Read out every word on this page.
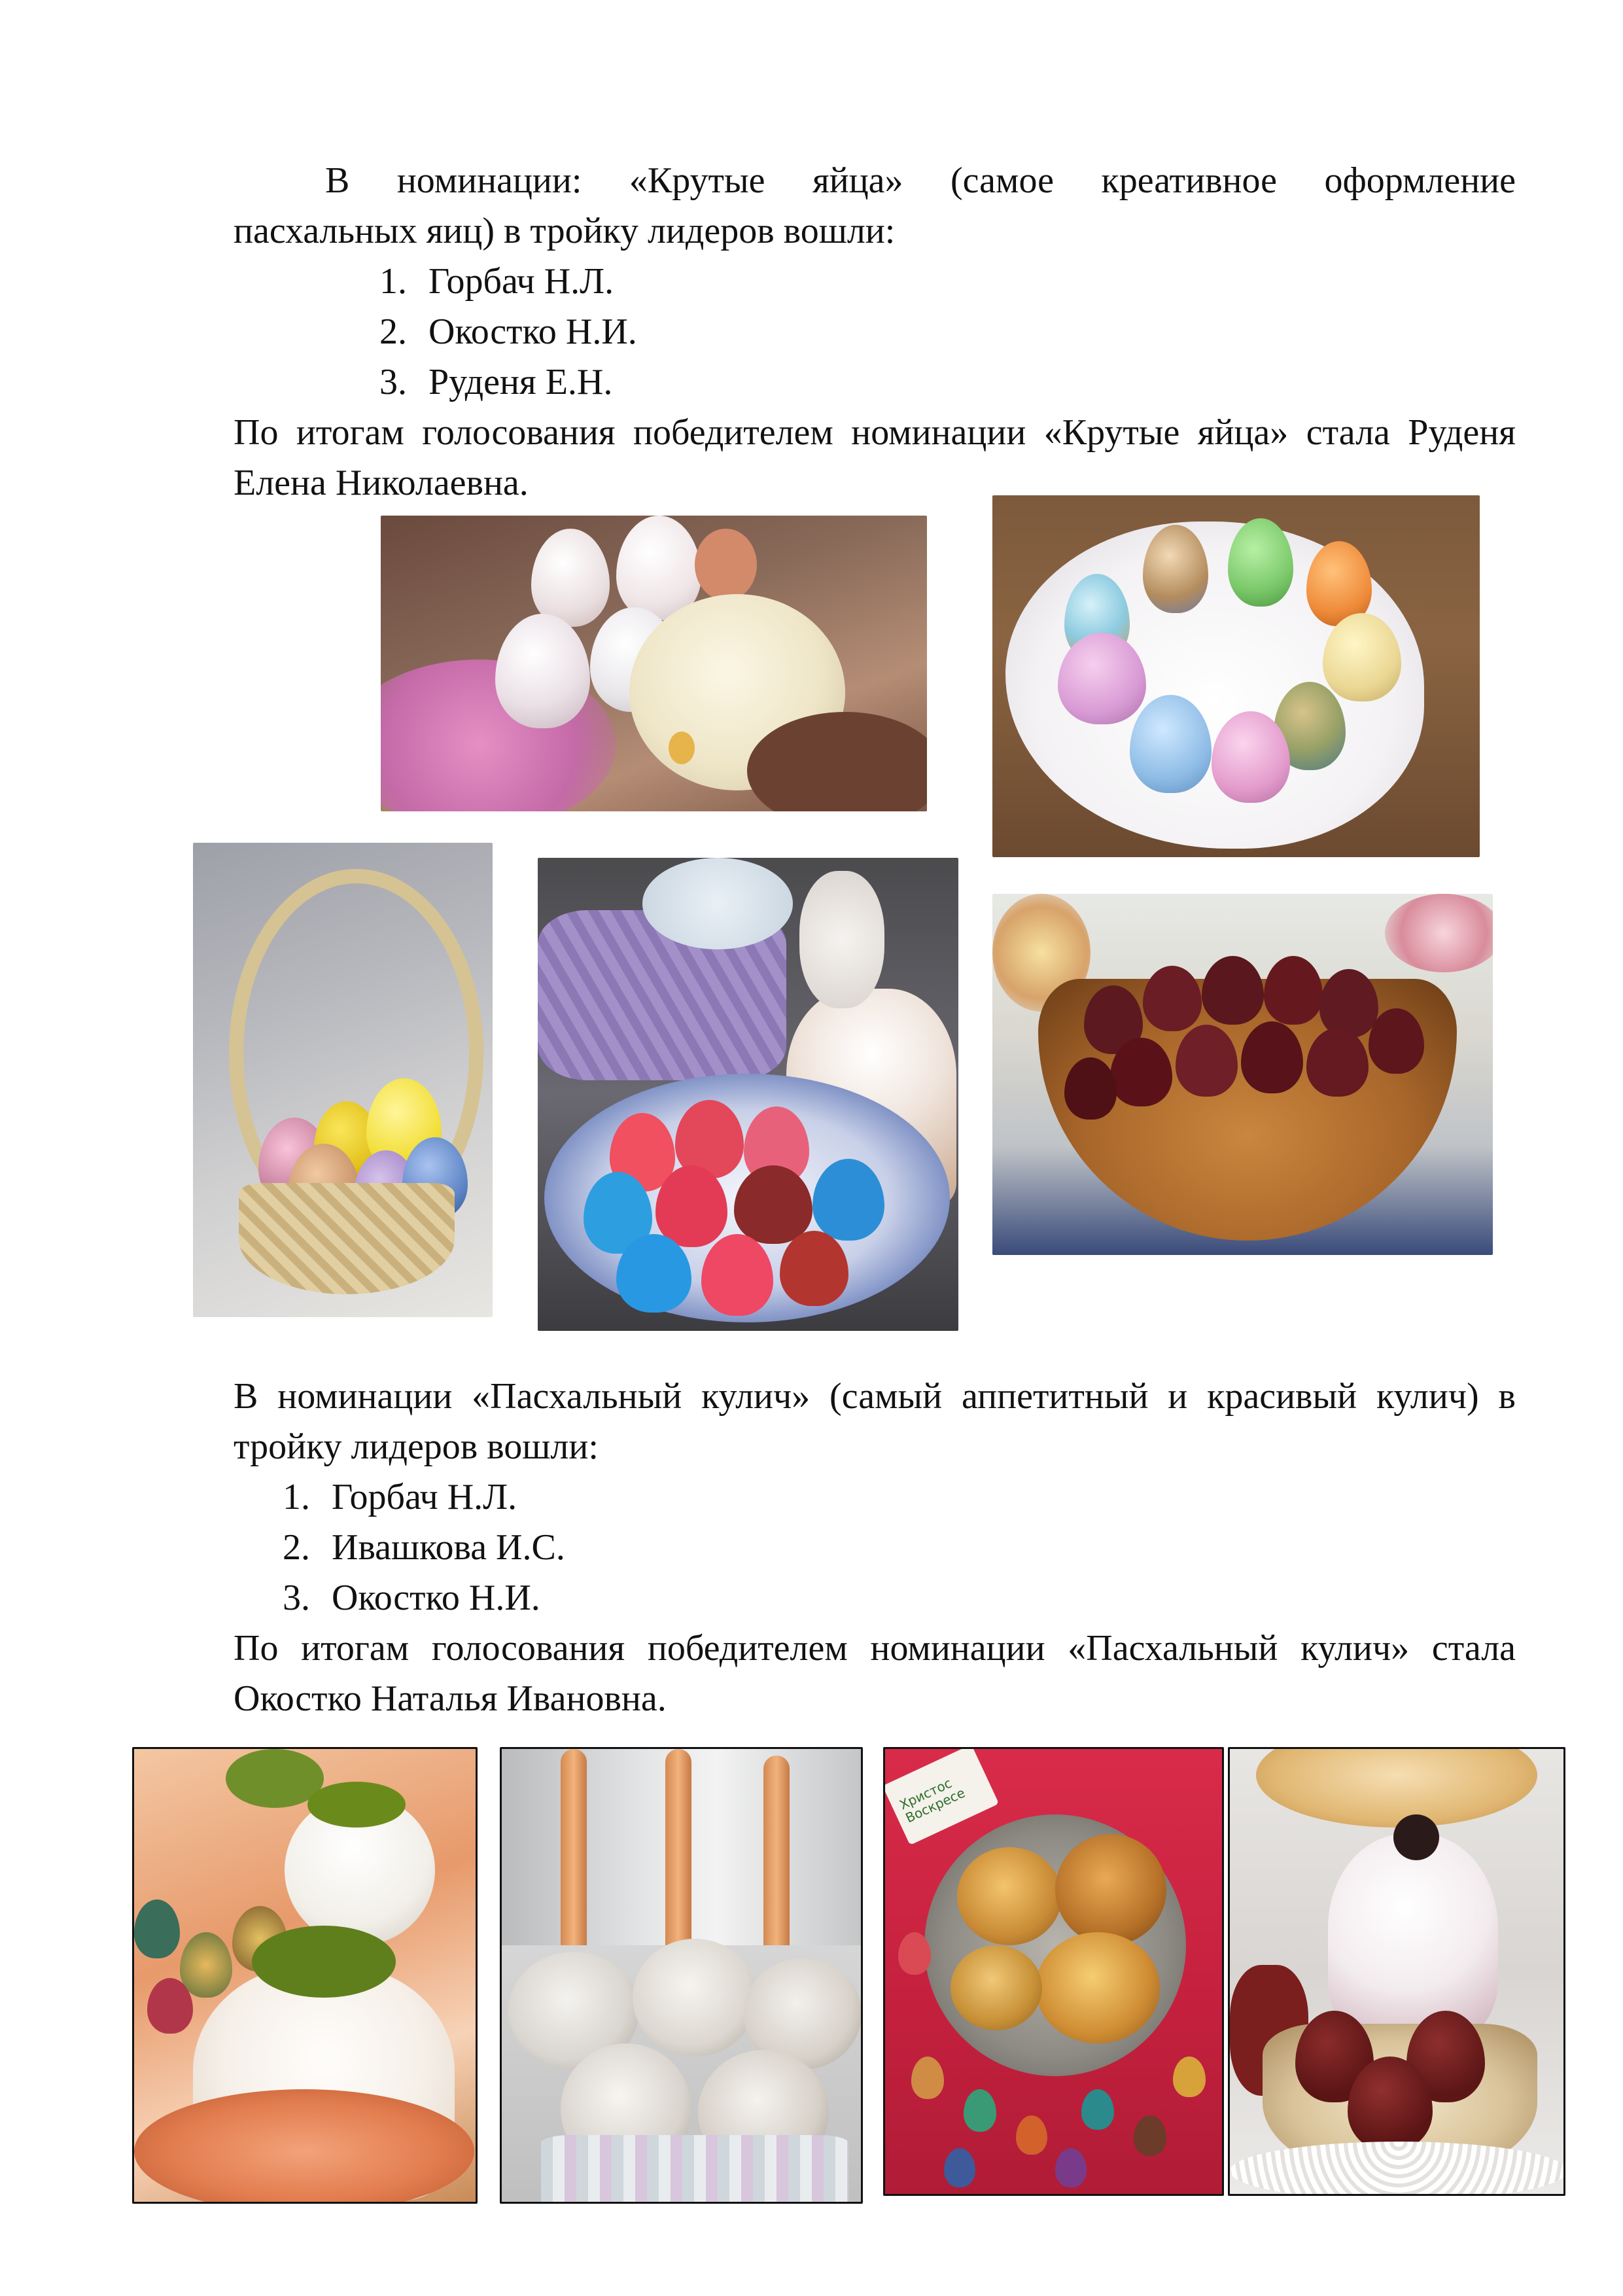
В номинации: «Крутые яйца» (самое креативное оформление

пасхальных яиц) в тройку лидеров вошли:

1. Горбач Н.Л.
2. Окостко Н.И.
3. Руденя Е.Н.

По итогам голосования победителем номинации «Крутые яйца» стала Руденя Елена Николаевна.

В номинации «Пасхальный кулич» (самый аппетитный и красивый кулич) в тройку лидеров вошли:

1. Горбач Н.Л.
2. Ивашкова И.С.
3. Окостко Н.И.

По итогам голосования победителем номинации «Пасхальный кулич» стала Окостко Наталья Ивановна.

Христос Воскресе
